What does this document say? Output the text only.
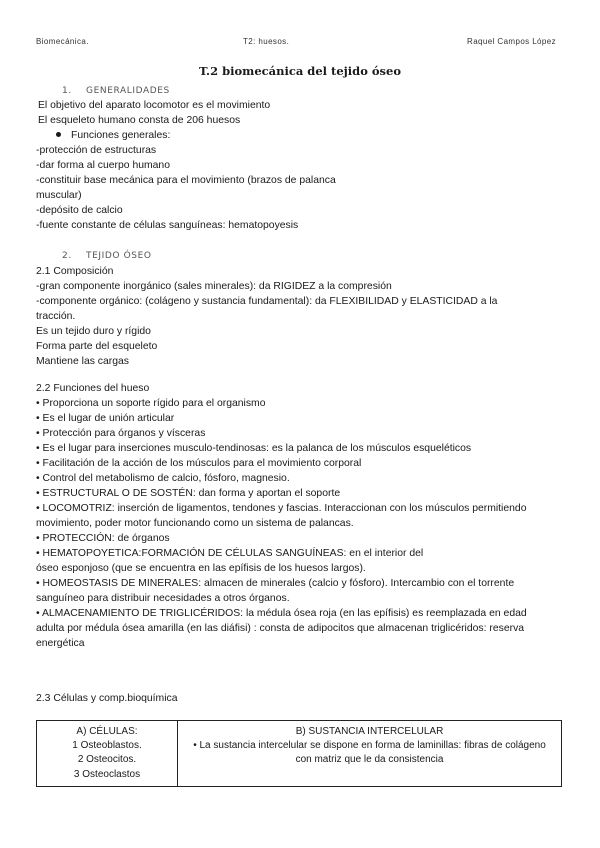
Biomecánica.	T2: huesos.	Raquel Campos López
T.2 biomecánica del tejido óseo
1. GENERALIDADES
El objetivo del aparato locomotor es el movimiento
El esqueleto humano consta de 206 huesos
Funciones generales:
-protección de estructuras
-dar forma al cuerpo humano
-constituir base mecánica para el movimiento (brazos de palanca
muscular)
-depósito de calcio
-fuente constante de células sanguíneas: hematopoyesis
2. TEJIDO ÓSEO
2.1 Composición
-gran componente inorgánico (sales minerales): da RIGIDEZ a la compresión
-componente orgánico: (colágeno y sustancia fundamental): da FLEXIBILIDAD y ELASTICIDAD a la
tracción.
Es un tejido duro y rígido
Forma parte del esqueleto
Mantiene las cargas
2.2 Funciones del hueso
• Proporciona un soporte rígido para el organismo
• Es el lugar de unión articular
• Protección para órganos y vísceras
• Es el lugar para inserciones musculo-tendinosas: es la palanca de los músculos esqueléticos
• Facilitación de la acción de los músculos para el movimiento corporal
• Control del metabolismo de calcio, fósforo, magnesio.
• ESTRUCTURAL O DE SOSTÉN: dan forma y aportan el soporte
• LOCOMOTRIZ: inserción de ligamentos, tendones y fascias. Interaccionan con los músculos permitiendo
movimiento, poder motor funcionando como un sistema de palancas.
• PROTECCIÓN: de órganos
• HEMATOPOYETICA:FORMACIÓN DE CÉLULAS SANGUÍNEAS: en el interior del
óseo esponjoso (que se encuentra en las epífisis de los huesos largos).
• HOMEOSTASIS DE MINERALES: almacen de minerales (calcio y fósforo). Intercambio con el torrente
sanguíneo para distribuir necesidades a otros órganos.
• ALMACENAMIENTO DE TRIGLICÉRIDOS: la médula ósea roja (en las epífisis) es reemplazada en edad
adulta por médula ósea amarilla (en las diáfisi) : consta de adipocitos que almacenan triglicéridos: reserva
energética
2.3 Células y comp.bioquímica
A) CÉLULAS:
1 Osteoblastos.
2 Osteocitos.
3 Osteoclastos

B) SUSTANCIA INTERCELULAR
• La sustancia intercelular se dispone en forma de laminillas: fibras de colágeno con matriz que le da consistencia
